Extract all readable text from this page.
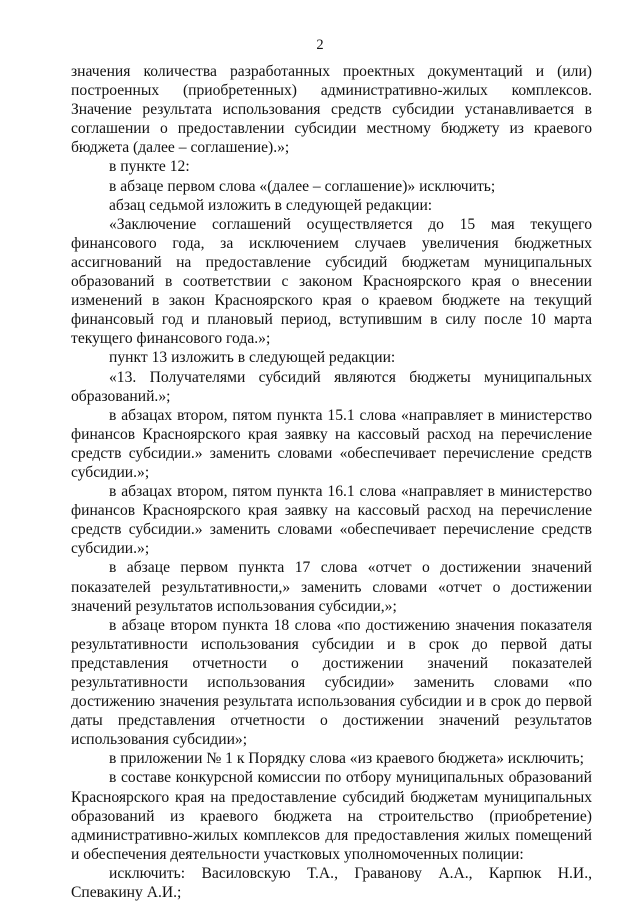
2

значения количества разработанных проектных документаций и (или) построенных (приобретенных) административно-жилых комплексов. Значение результата использования средств субсидии устанавливается в соглашении о предоставлении субсидии местному бюджету из краевого бюджета (далее – соглашение).»;

в пункте 12:

в абзаце первом слова «(далее – соглашение)» исключить;

абзац седьмой изложить в следующей редакции:

«Заключение соглашений осуществляется до 15 мая текущего финансового года, за исключением случаев увеличения бюджетных ассигнований на предоставление субсидий бюджетам муниципальных образований в соответствии с законом Красноярского края о внесении изменений в закон Красноярского края о краевом бюджете на текущий финансовый год и плановый период, вступившим в силу после 10 марта текущего финансового года.»;

пункт 13 изложить в следующей редакции:

«13. Получателями субсидий являются бюджеты муниципальных образований.»;

в абзацах втором, пятом пункта 15.1 слова «направляет в министерство финансов Красноярского края заявку на кассовый расход на перечисление средств субсидии.» заменить словами «обеспечивает перечисление средств субсидии.»;

в абзацах втором, пятом пункта 16.1 слова «направляет в министерство финансов Красноярского края заявку на кассовый расход на перечисление средств субсидии.» заменить словами «обеспечивает перечисление средств субсидии.»;

в абзаце первом пункта 17 слова «отчет о достижении значений показателей результативности,» заменить словами «отчет о достижении значений результатов использования субсидии,»;

в абзаце втором пункта 18 слова «по достижению значения показателя результативности использования субсидии и в срок до первой даты представления отчетности о достижении значений показателей результативности использования субсидии» заменить словами «по достижению значения результата использования субсидии и в срок до первой даты представления отчетности о достижении значений результатов использования субсидии»;

в приложении № 1 к Порядку слова «из краевого бюджета» исключить;

в составе конкурсной комиссии по отбору муниципальных образований Красноярского края на предоставление субсидий бюджетам муниципальных образований из краевого бюджета на строительство (приобретение) административно-жилых комплексов для предоставления жилых помещений и обеспечения деятельности участковых уполномоченных полиции:

исключить: Василовскую Т.А., Граванову А.А., Карпюк Н.И., Спевакину А.И.;
